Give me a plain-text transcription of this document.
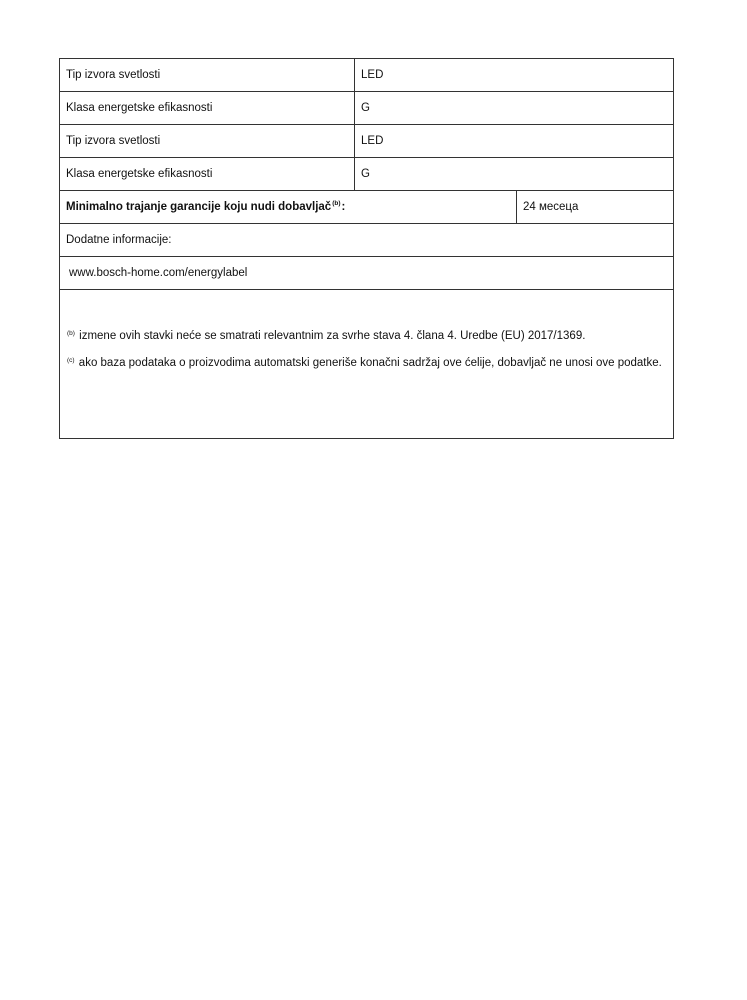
Tip izvora svetlosti	LED
Klasa energetske efikasnosti	G
Tip izvora svetlosti	LED
Klasa energetske efikasnosti	G
Minimalno trajanje garancije koju nudi dobavljač$^{(b)}$ :	24 месеца
Dodatne informacije:
www.bosch-home.com/energylabel
$^{(b)}$ izmene ovih stavki neće se smatrati relevantnim za svrhe stava 4. člana 4. Uredbe (EU) 2017/1369.
$^{(c)}$ ako baza podataka o proizvodima automatski generiše konačni sadržaj ove ćelije, dobavljač ne unosi ove podatke.
